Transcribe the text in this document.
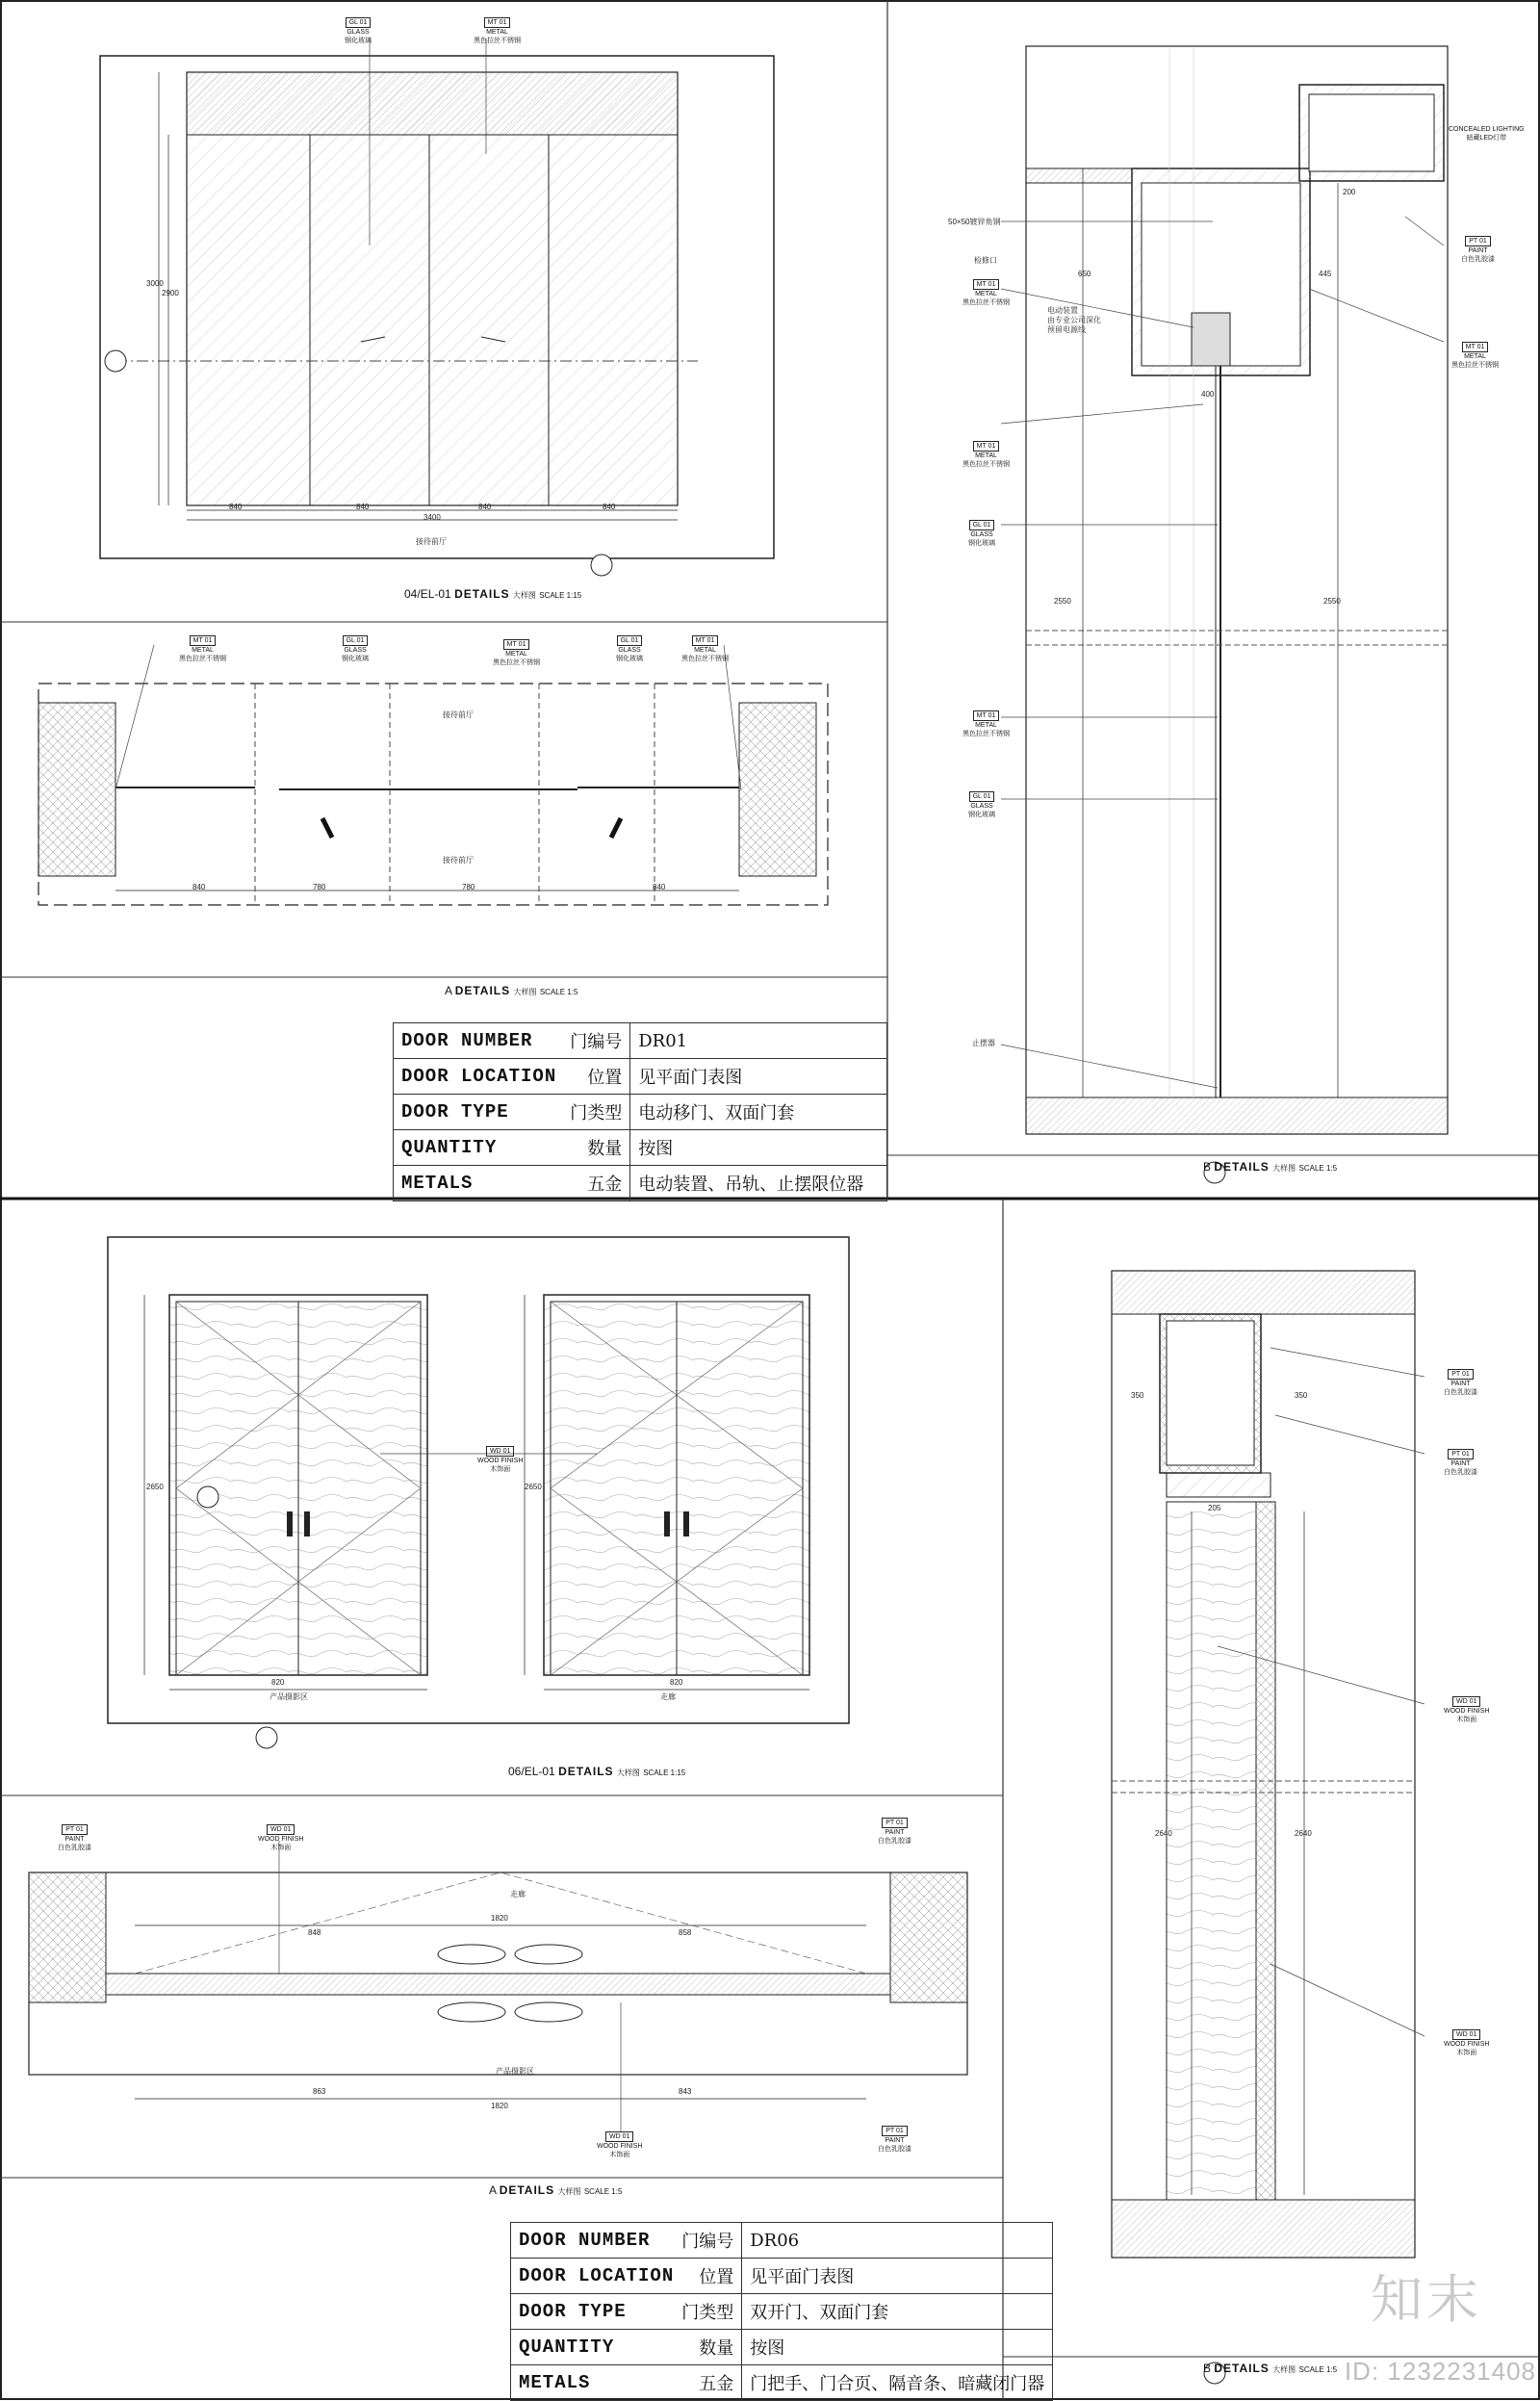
GL 01
GLASS
钢化玻璃
MT 01
METAL
黑色拉丝不锈钢
MT 01
METAL
黑色拉丝不锈钢
GL 01
GLASS
钢化玻璃
MT 01
METAL
黑色拉丝不锈钢
GL 01
GLASS
钢化玻璃
MT 01
METAL
黑色拉丝不锈钢
接待前厅
接待前厅
接待前厅
50×50镀锌角钢
检修口
电动装置
由专业公司深化
预留电源线
止摆器
MT 01
METAL
黑色拉丝不锈钢
MT 01
METAL
黑色拉丝不锈钢
GL 01
GLASS
钢化玻璃
MT 01
METAL
黑色拉丝不锈钢
GL 01
GLASS
钢化玻璃
CONCEALED LIGHTING
暗藏LED灯带
PT 01
PAINT
白色乳胶漆
MT 01
METAL
黑色拉丝不锈钢
WD 01
WOOD FINISH
木饰面
产品摄影区	走廊
PT 01
PAINT
白色乳胶漆
WD 01
WOOD FINISH
木饰面
PT 01
PAINT
白色乳胶漆
PT 01
PAINT
白色乳胶漆
WD 01
WOOD FINISH
木饰面
走廊
产品摄影区
PT 01
PAINT
白色乳胶漆
PT 01
PAINT
白色乳胶漆
WD 01
WOOD FINISH
木饰面
WD 01
WOOD FINISH
木饰面
840	840	840	840
3400
3000
2900
840	780	780	840
2550	2550
445
650
400
200
820	820
2650	2650
1820
848	858
863	843
1820
2640	2640
350	350
205
04/EL-01 DETAILS 大样图 SCALE 1:15
A DETAILS 大样图 SCALE 1:5
B DETAILS 大样图 SCALE 1:5
06/EL-01 DETAILS 大样图 SCALE 1:15
A DETAILS 大样图 SCALE 1:5
B DETAILS 大样图 SCALE 1:5
DOOR NUMBER	门编号	DR01
DOOR LOCATION	位置	见平面门表图
DOOR TYPE	门类型	电动移门、双面门套
QUANTITY	数量	按图
METALS	五金	电动装置、吊轨、止摆限位器
DOOR NUMBER	门编号	DR06
DOOR LOCATION	位置	见平面门表图
DOOR TYPE	门类型	双开门、双面门套
QUANTITY	数量	按图
METALS	五金	门把手、门合页、隔音条、暗藏闭门器
知末
ID: 1232231408
